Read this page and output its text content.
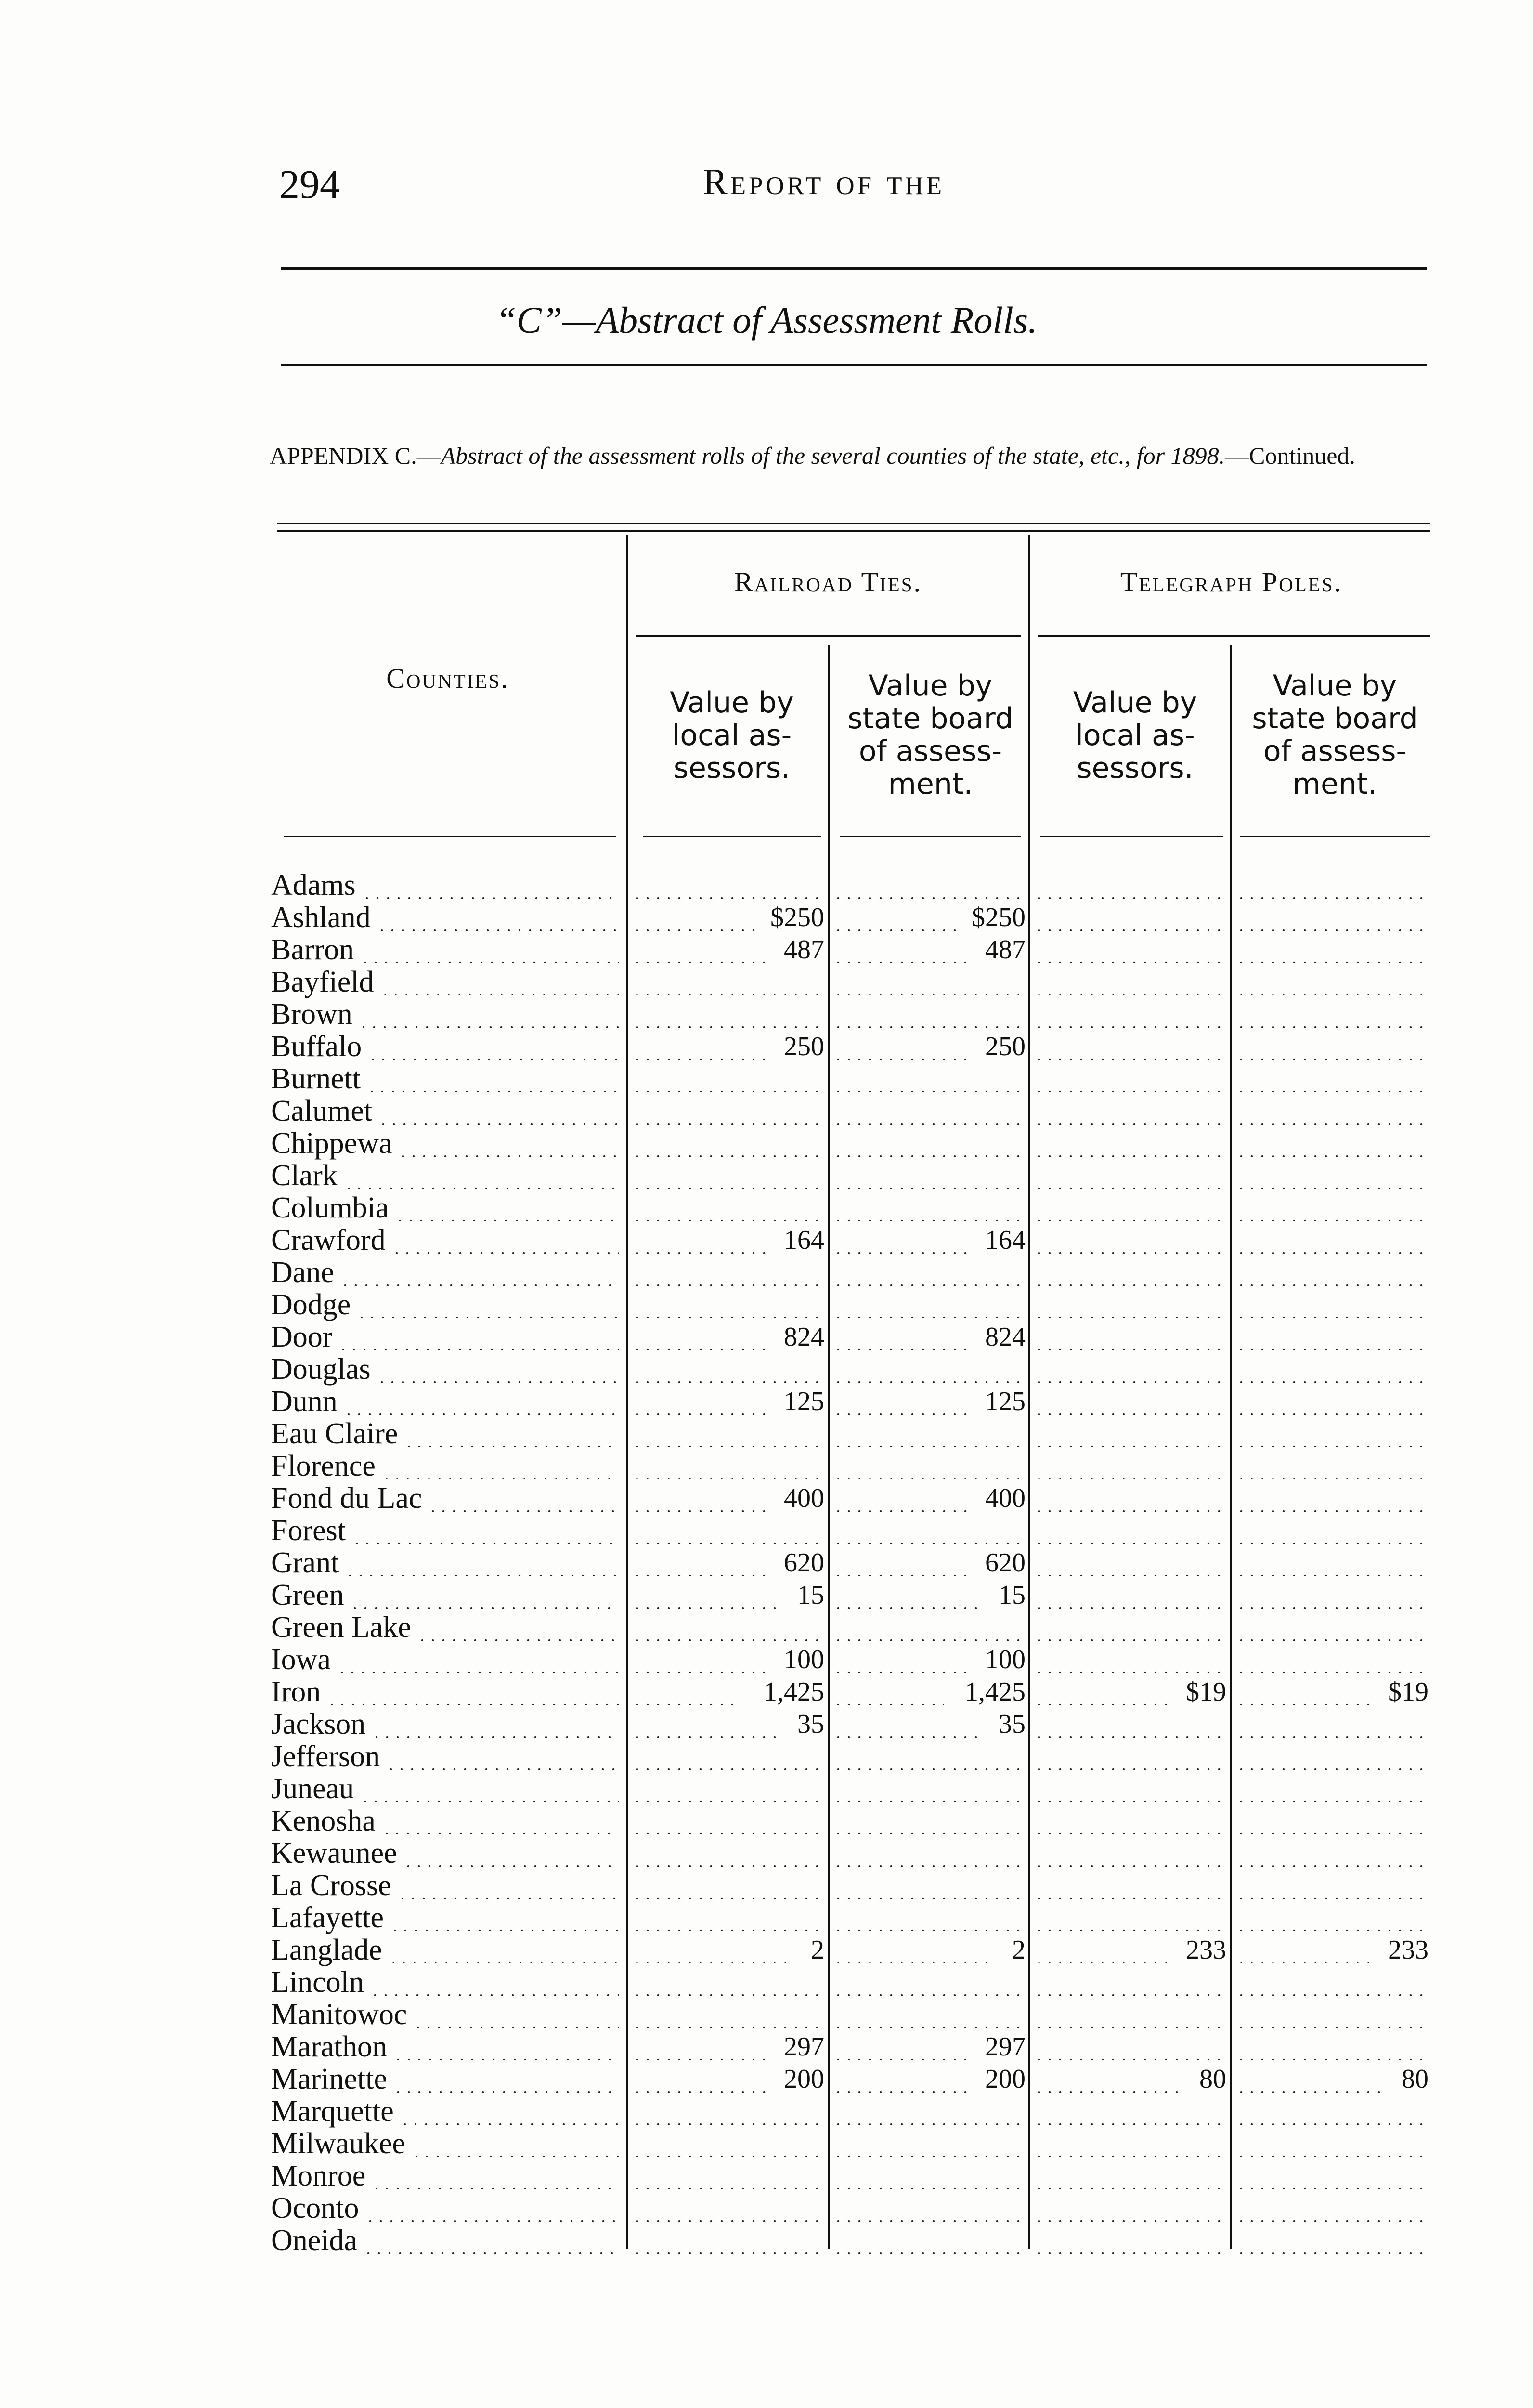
294	Report of the
“C”—Abstract of Assessment Rolls.
APPENDIX C.—Abstract of the assessment rolls of the several counties of the state, etc., for 1898.—Continued.
Railroad Ties.	Telegraph Poles.
Counties.
Value by local as-sessors.
Value by state board of assess-ment.
Value by local as-sessors.
Value by state board of assess-ment.
Adams
Ashland	$250	$250
Barron	487	487
Bayfield
Brown
Buffalo	250	250
Burnett
Calumet
Chippewa
Clark
Columbia
Crawford	164	164
Dane
Dodge
Door	824	824
Douglas
Dunn	125	125
Eau Claire
Florence
Fond du Lac	400	400
Forest
Grant	620	620
Green	15	15
Green Lake
Iowa	100	100
Iron	1,425	1,425	$19	$19
Jackson	35	35
Jefferson
Juneau
Kenosha
Kewaunee
La Crosse
Lafayette
Langlade	2	2	233	233
Lincoln
Manitowoc
Marathon	297	297
Marinette	200	200	80	80
Marquette
Milwaukee
Monroe
Oconto
Oneida
